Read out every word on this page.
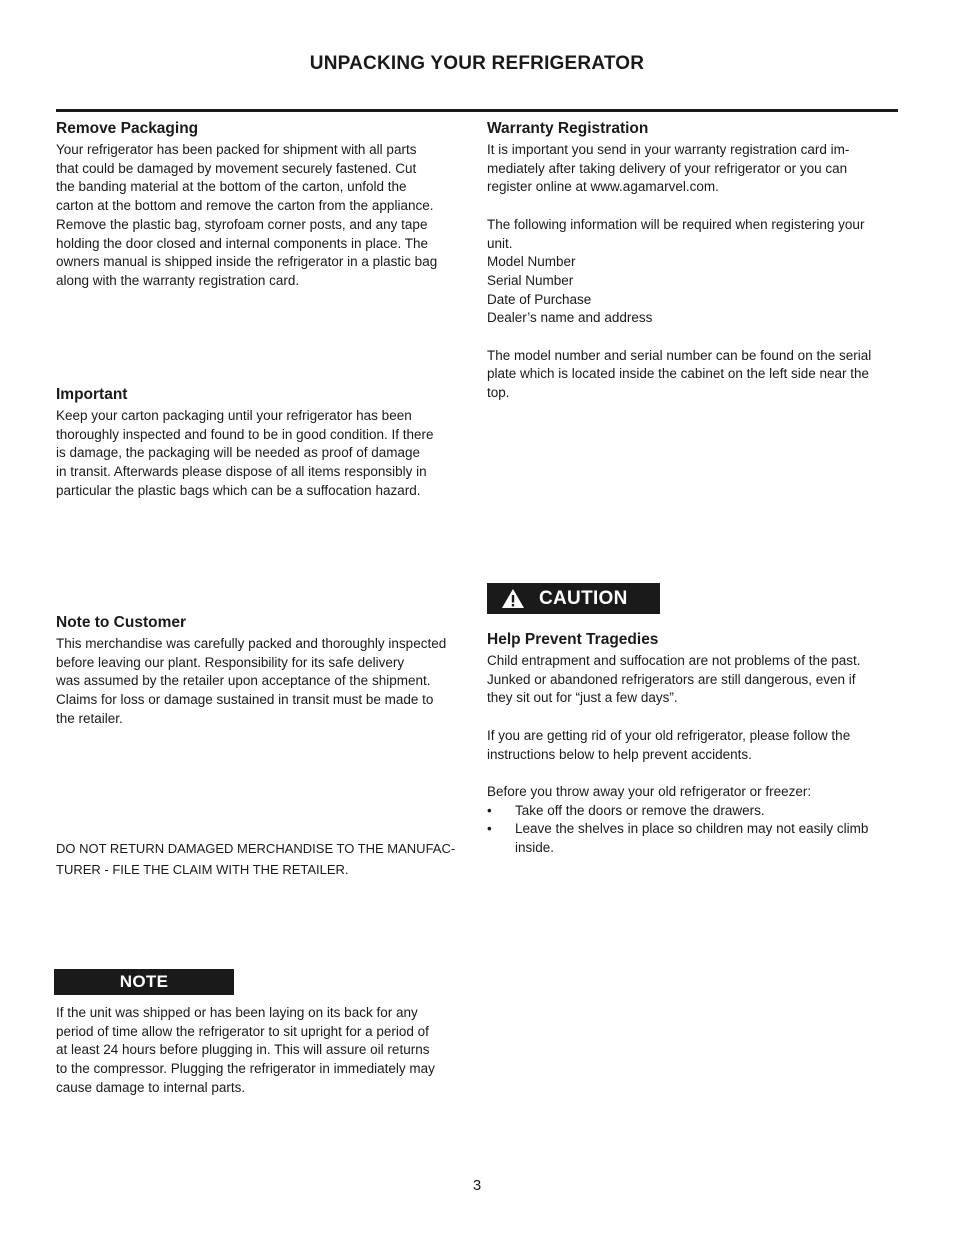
UNPACKING YOUR REFRIGERATOR

Remove Packaging

Your refrigerator has been packed for shipment with all parts
that could be damaged by movement securely fastened. Cut
the banding material at the bottom of the carton, unfold the
carton at the bottom and remove the carton from the appliance.
Remove the plastic bag, styrofoam corner posts, and any tape
holding the door closed and internal components in place. The
owners manual is shipped inside the refrigerator in a plastic bag
along with the warranty registration card.

Important

Keep your carton packaging until your refrigerator has been
thoroughly inspected and found to be in good condition. If there
is damage, the packaging will be needed as proof of damage
in transit. Afterwards please dispose of all items responsibly in
particular the plastic bags which can be a suffocation hazard.

Note to Customer

This merchandise was carefully packed and thoroughly inspected
before leaving our plant. Responsibility for its safe delivery
was assumed by the retailer upon acceptance of the shipment.
Claims for loss or damage sustained in transit must be made to
the retailer.

DO NOT RETURN DAMAGED MERCHANDISE TO THE MANUFAC-
TURER - FILE THE CLAIM WITH THE RETAILER.

NOTE

If the unit was shipped or has been laying on its back for any
period of time allow the refrigerator to sit upright for a period of
at least 24 hours before plugging in. This will assure oil returns
to the compressor. Plugging the refrigerator in immediately may
cause damage to internal parts.

Warranty Registration

It is important you send in your warranty registration card im-
mediately after taking delivery of your refrigerator or you can
register online at www.agamarvel.com.
The following information will be required when registering your
unit.
Model Number
Serial Number
Date of Purchase
Dealer’s name and address
The model number and serial number can be found on the serial
plate which is located inside the cabinet on the left side near the
top.

CAUTION

Help Prevent Tragedies

Child entrapment and suffocation are not problems of the past.
Junked or abandoned refrigerators are still dangerous, even if
they sit out for “just a few days”.
If you are getting rid of your old refrigerator, please follow the
instructions below to help prevent accidents.
Before you throw away your old refrigerator or freezer:

• Take off the doors or remove the drawers.
• Leave the shelves in place so children may not easily climb inside.
3
